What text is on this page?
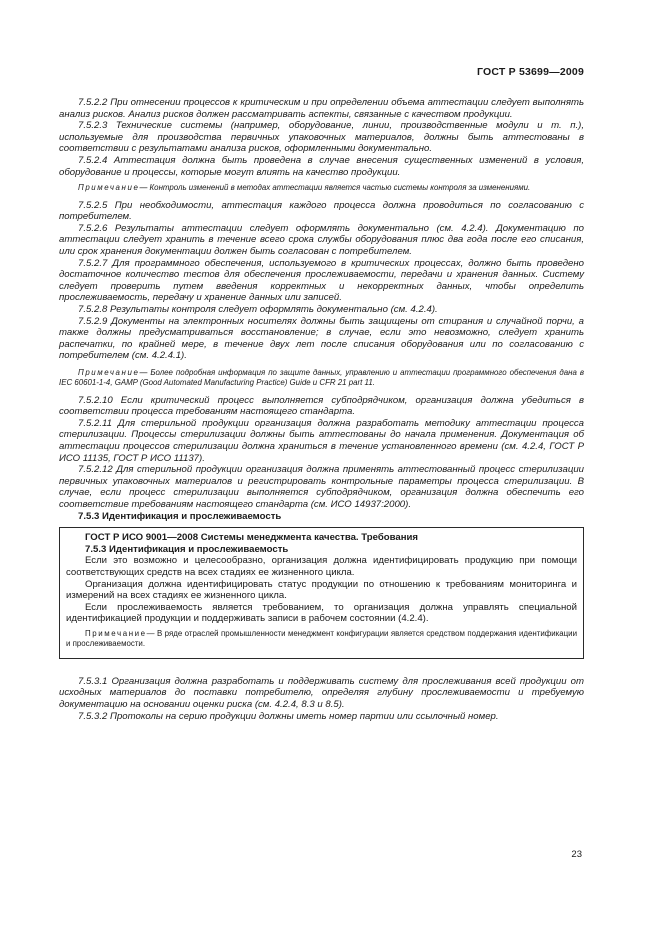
ГОСТ Р 53699—2009

7.5.2.2 При отнесении процессов к критическим и при определении объема аттестации следует выполнять анализ рисков. Анализ рисков должен рассматривать аспекты, связанные с качеством продукции.

7.5.2.3 Технические системы (например, оборудование, линии, производственные модули и т. п.), используемые для производства первичных упаковочных материалов, должны быть аттестованы в соответствии с результатами анализа рисков, оформленными документально.

7.5.2.4 Аттестация должна быть проведена в случае внесения существенных изменений в условия, оборудование и процессы, которые могут влиять на качество продукции.

Примечание— Контроль изменений в методах аттестации является частью системы контроля за изменениями.

7.5.2.5 При необходимости, аттестация каждого процесса должна проводиться по согласованию с потребителем.

7.5.2.6 Результаты аттестации следует оформлять документально (см. 4.2.4). Документацию по аттестации следует хранить в течение всего срока службы оборудования плюс два года после его списания, или срок хранения документации должен быть согласован с потребителем.

7.5.2.7 Для программного обеспечения, используемого в критических процессах, должно быть проведено достаточное количество тестов для обеспечения прослеживаемости, передачи и хранения данных. Систему следует проверить путем введения корректных и некорректных данных, чтобы определить прослеживаемость, передачу и хранение данных или записей.

7.5.2.8 Результаты контроля следует оформлять документально (см. 4.2.4).

7.5.2.9 Документы на электронных носителях должны быть защищены от стирания и случайной порчи, а также должны предусматриваться восстановление; в случае, если это невозможно, следует хранить распечатки, по крайней мере, в течение двух лет после списания оборудования или по согласованию с потребителем (см. 4.2.4.1).

Примечание— Более подробная информация по защите данных, управлению и аттестации программного обеспечения дана в IEC 60601-1-4, GAMP (Good Automated Manufacturing Practice) Guide и CFR 21 part 11.

7.5.2.10 Если критический процесс выполняется субподрядчиком, организация должна убедиться в соответствии процесса требованиям настоящего стандарта.

7.5.2.11 Для стерильной продукции организация должна разработать методику аттестации процесса стерилизации. Процессы стерилизации должны быть аттестованы до начала применения. Документация об аттестации процессов стерилизации должна храниться в течение установленного времени (см. 4.2.4, ГОСТ Р ИСО 11135, ГОСТ Р ИСО 11137).

7.5.2.12 Для стерильной продукции организация должна применять аттестованный процесс стерилизации первичных упаковочных материалов и регистрировать контрольные параметры процесса стерилизации. В случае, если процесс стерилизации выполняется субподрядчиком, организация должна обеспечить его соответствие требованиям настоящего стандарта (см. ИСО 14937:2000).

7.5.3 Идентификация и прослеживаемость

ГОСТ Р ИСО 9001—2008 Системы менеджмента качества. Требования

7.5.3 Идентификация и прослеживаемость

Если это возможно и целесообразно, организация должна идентифицировать продукцию при помощи соответствующих средств на всех стадиях ее жизненного цикла.

Организация должна идентифицировать статус продукции по отношению к требованиям мониторинга и измерений на всех стадиях ее жизненного цикла.

Если прослеживаемость является требованием, то организация должна управлять специальной идентификацией продукции и поддерживать записи в рабочем состоянии (4.2.4).

Примечание— В ряде отраслей промышленности менеджмент конфигурации является средством поддержания идентификации и прослеживаемости.

7.5.3.1 Организация должна разработать и поддерживать систему для прослеживания всей продукции от исходных материалов до поставки потребителю, определяя глубину прослеживаемости и требуемую документацию на основании оценки риска (см. 4.2.4, 8.3 и 8.5).

7.5.3.2 Протоколы на серию продукции должны иметь номер партии или ссылочный номер.

23
